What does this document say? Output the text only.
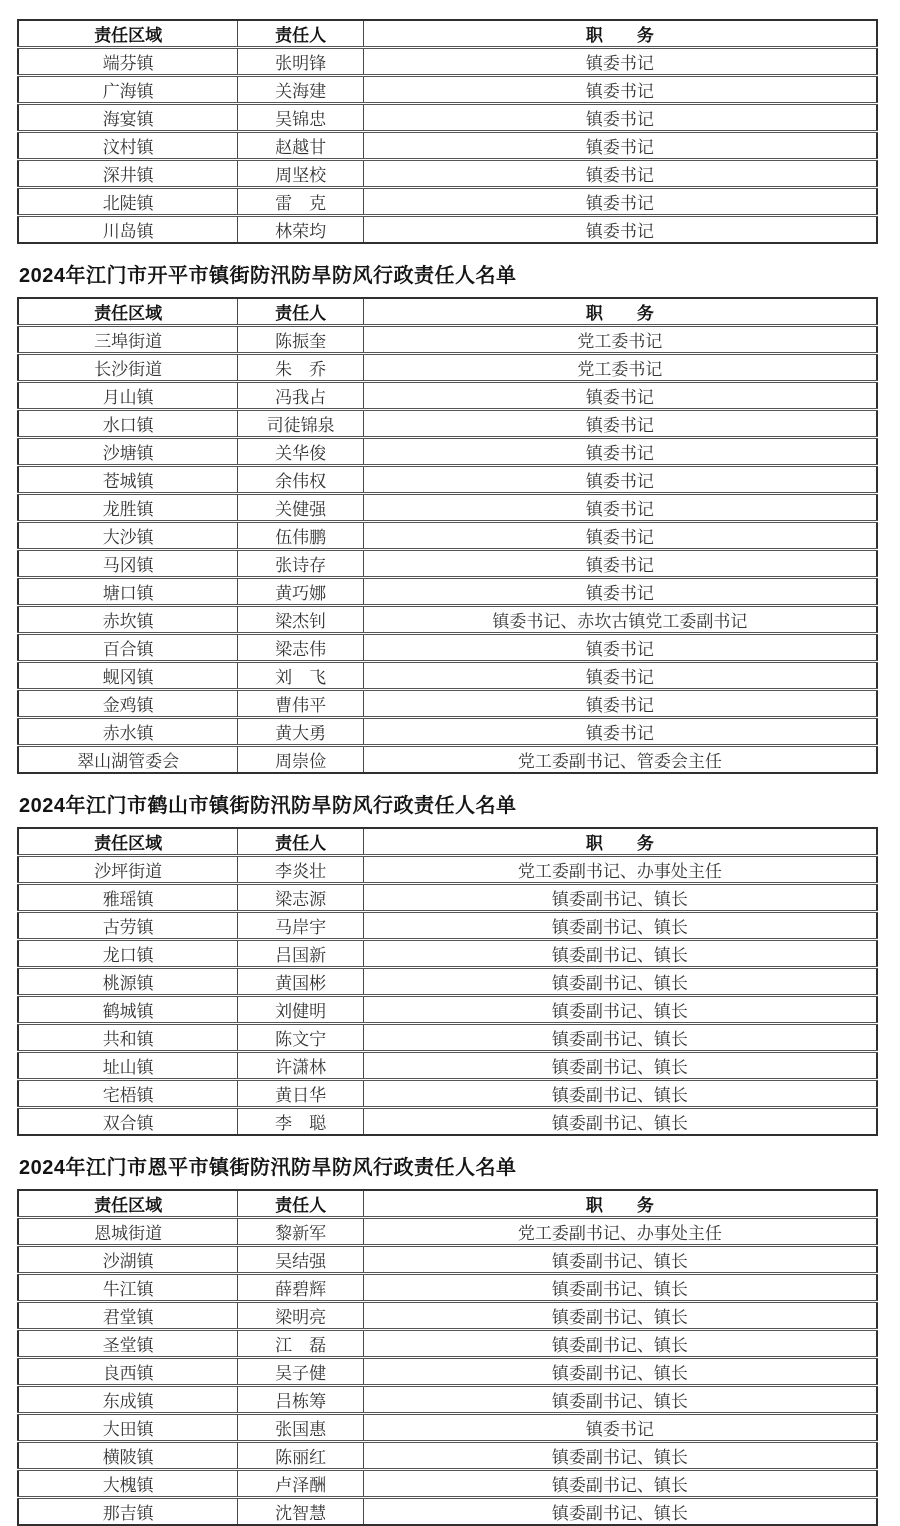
责任区域	责任人	职　　务
端芬镇	张明锋	镇委书记
广海镇	关海建	镇委书记
海宴镇	吴锦忠	镇委书记
汶村镇	赵越甘	镇委书记
深井镇	周坚校	镇委书记
北陡镇	雷　克	镇委书记
川岛镇	林荣均	镇委书记
2024年江门市开平市镇街防汛防旱防风行政责任人名单
责任区域	责任人	职　　务
三埠街道	陈振奎	党工委书记
长沙街道	朱　乔	党工委书记
月山镇	冯我占	镇委书记
水口镇	司徒锦泉	镇委书记
沙塘镇	关华俊	镇委书记
苍城镇	余伟权	镇委书记
龙胜镇	关健强	镇委书记
大沙镇	伍伟鹏	镇委书记
马冈镇	张诗存	镇委书记
塘口镇	黄巧娜	镇委书记
赤坎镇	梁杰钊	镇委书记、赤坎古镇党工委副书记
百合镇	梁志伟	镇委书记
蚬冈镇	刘　飞	镇委书记
金鸡镇	曹伟平	镇委书记
赤水镇	黄大勇	镇委书记
翠山湖管委会	周崇俭	党工委副书记、管委会主任
2024年江门市鹤山市镇街防汛防旱防风行政责任人名单
责任区域	责任人	职　　务
沙坪街道	李炎壮	党工委副书记、办事处主任
雅瑶镇	梁志源	镇委副书记、镇长
古劳镇	马岸宇	镇委副书记、镇长
龙口镇	吕国新	镇委副书记、镇长
桃源镇	黄国彬	镇委副书记、镇长
鹤城镇	刘健明	镇委副书记、镇长
共和镇	陈文宁	镇委副书记、镇长
址山镇	许潇林	镇委副书记、镇长
宅梧镇	黄日华	镇委副书记、镇长
双合镇	李　聪	镇委副书记、镇长
2024年江门市恩平市镇街防汛防旱防风行政责任人名单
责任区域	责任人	职　　务
恩城街道	黎新军	党工委副书记、办事处主任
沙湖镇	吴结强	镇委副书记、镇长
牛江镇	薛碧辉	镇委副书记、镇长
君堂镇	梁明亮	镇委副书记、镇长
圣堂镇	江　磊	镇委副书记、镇长
良西镇	吴子健	镇委副书记、镇长
东成镇	吕栋筹	镇委副书记、镇长
大田镇	张国惠	镇委书记
横陂镇	陈丽红	镇委副书记、镇长
大槐镇	卢泽酬	镇委副书记、镇长
那吉镇	沈智慧	镇委副书记、镇长
